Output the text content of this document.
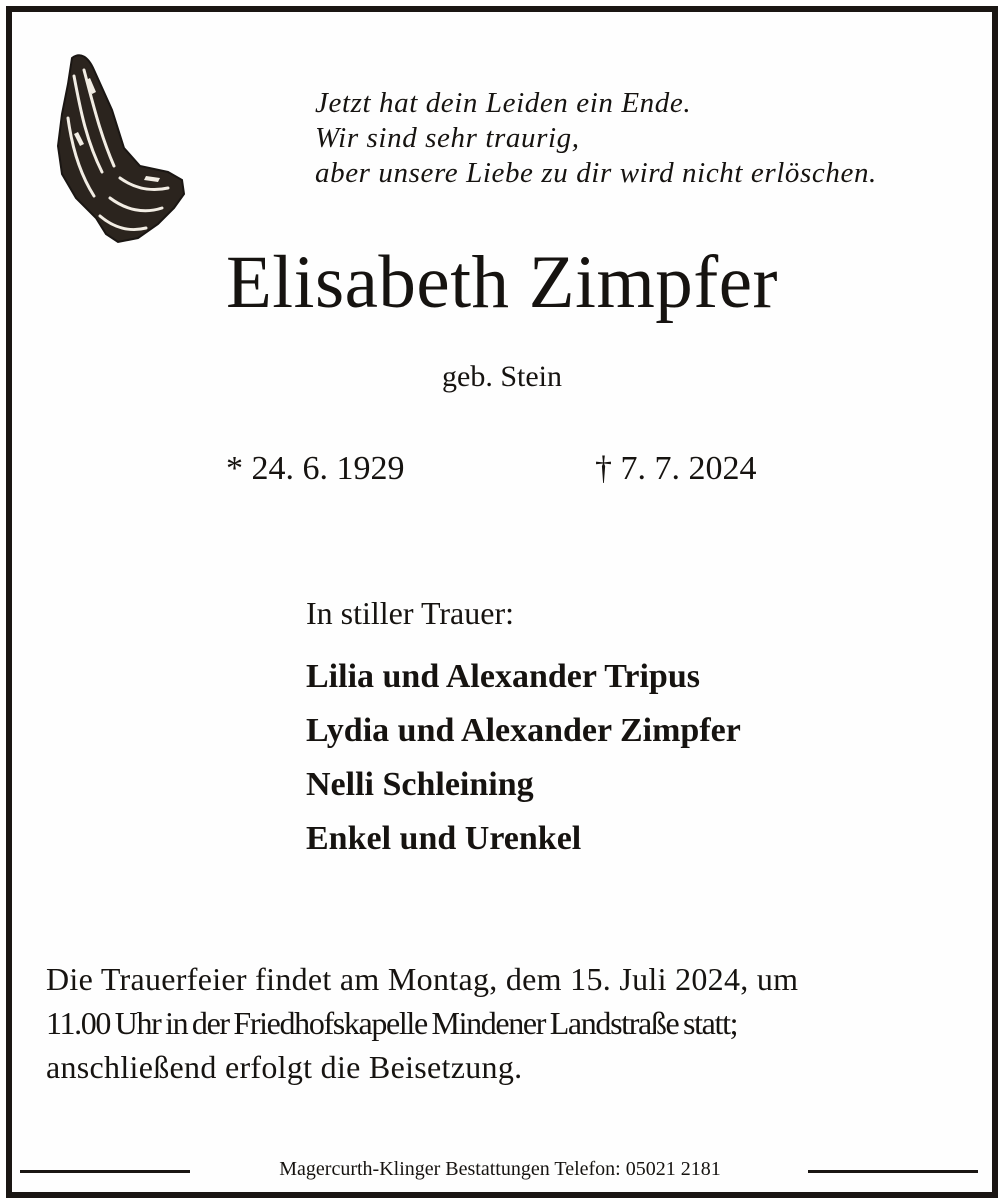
Jetzt hat dein Leiden ein Ende.
Wir sind sehr traurig,
aber unsere Liebe zu dir wird nicht erlöschen.
Elisabeth Zimpfer
geb. Stein
* 24. 6. 1929	† 7. 7. 2024
In stiller Trauer:
Lilia und Alexander Tripus
Lydia und Alexander Zimpfer
Nelli Schleining
Enkel und Urenkel
Die Trauerfeier findet am Montag, dem 15. Juli 2024, um
11.00 Uhr in der Friedhofskapelle Mindener Landstraße statt;
anschließend erfolgt die Beisetzung.
Magercurth-Klinger Bestattungen Telefon: 05021 2181
